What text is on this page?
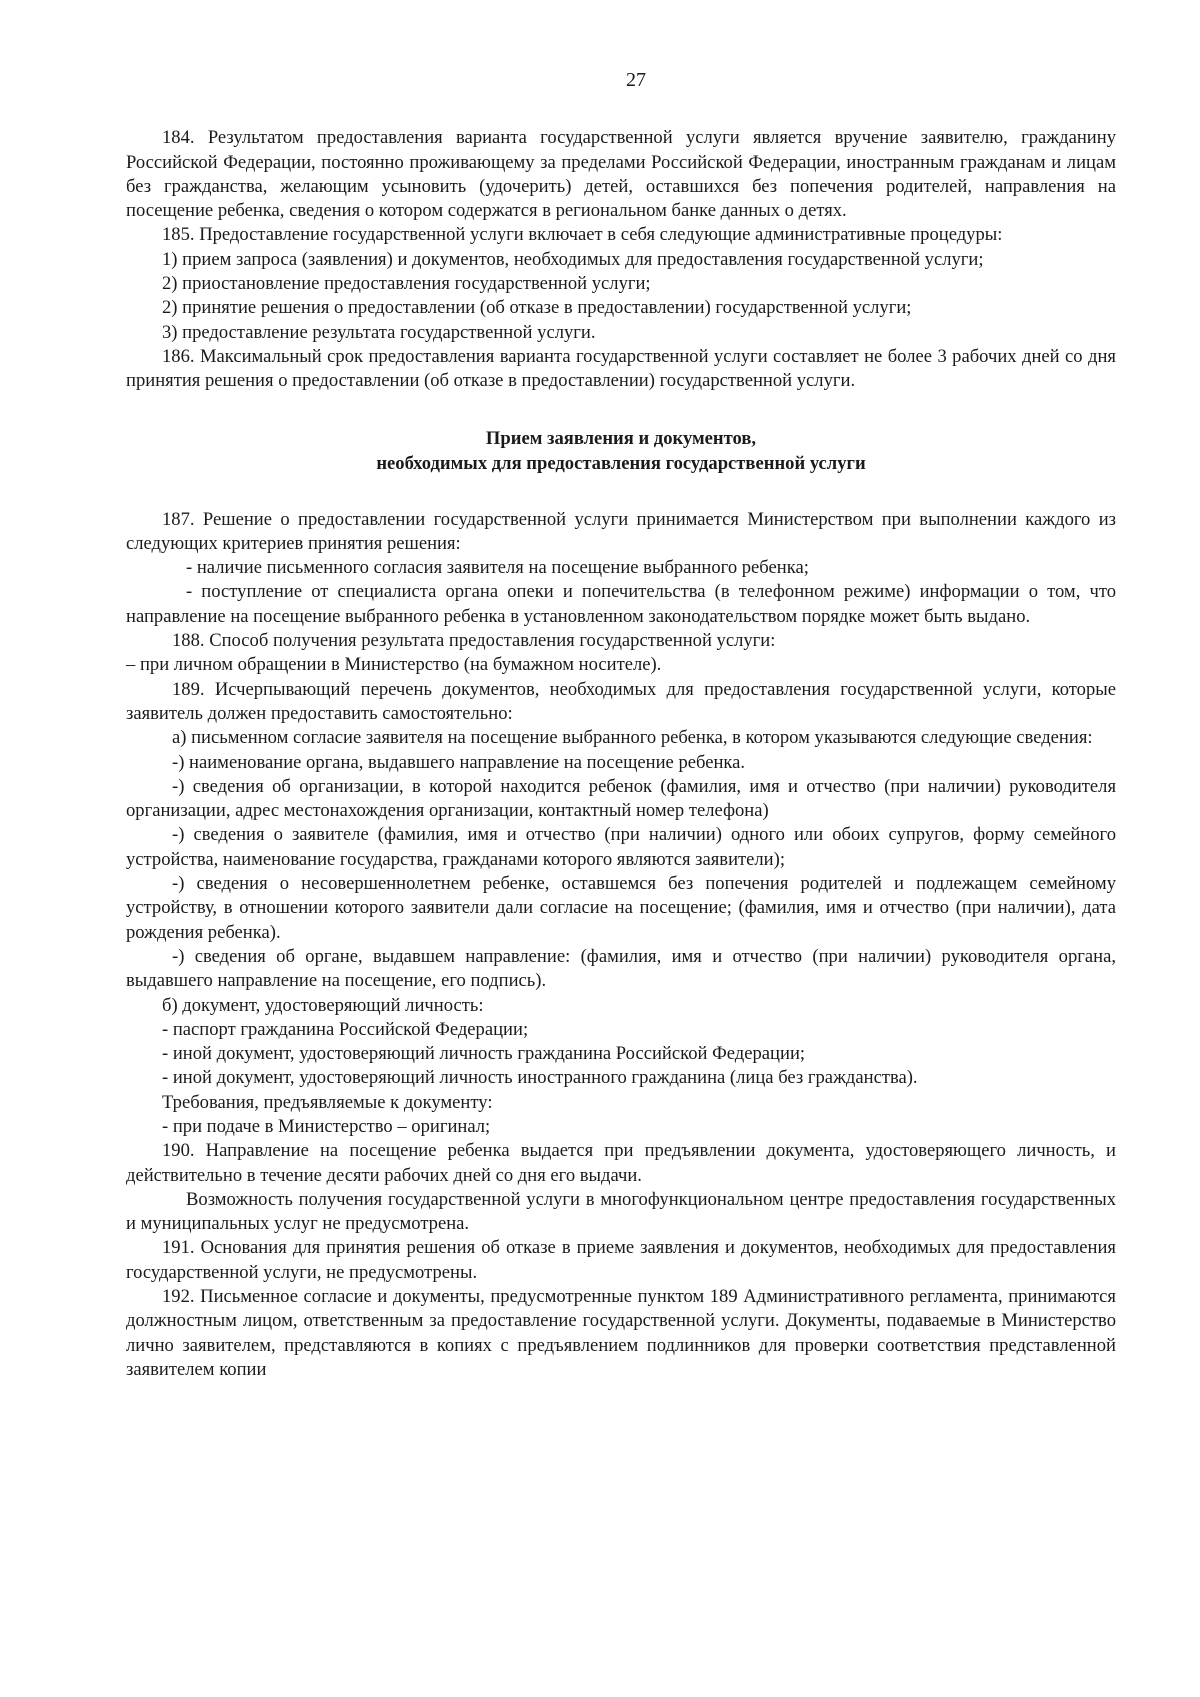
27

184. Результатом предоставления варианта государственной услуги является вручение заявителю, гражданину Российской Федерации, постоянно проживающему за пределами Российской Федерации, иностранным гражданам и лицам без гражданства, желающим усыновить (удочерить) детей, оставшихся без попечения родителей, направления на посещение ребенка, сведения о котором содержатся в региональном банке данных о детях.

185. Предоставление государственной услуги включает в себя следующие административные процедуры:

1) прием запроса (заявления) и документов, необходимых для предоставления государственной услуги;

2) приостановление предоставления государственной услуги;

2) принятие решения о предоставлении (об отказе в предоставлении) государственной услуги;

3) предоставление результата государственной услуги.

186. Максимальный срок предоставления варианта государственной услуги составляет не более 3 рабочих дней со дня принятия решения о предоставлении (об отказе в предоставлении) государственной услуги.

Прием заявления и документов,
необходимых для предоставления государственной услуги

187. Решение о предоставлении государственной услуги принимается Министерством при выполнении каждого из следующих критериев принятия решения:

- наличие письменного согласия заявителя на посещение выбранного ребенка;

- поступление от специалиста органа опеки и попечительства (в телефонном режиме) информации о том, что направление на посещение выбранного ребенка в установленном законодательством порядке может быть выдано.

188. Способ получения результата предоставления государственной услуги:

– при личном обращении в Министерство (на бумажном носителе).

189. Исчерпывающий перечень документов, необходимых для предоставления государственной услуги, которые заявитель должен предоставить самостоятельно:

а) письменном согласие заявителя на посещение выбранного ребенка, в котором указываются следующие сведения:

-) наименование органа, выдавшего направление на посещение ребенка.

-) сведения об организации, в которой находится ребенок (фамилия, имя и отчество (при наличии) руководителя организации, адрес местонахождения организации, контактный номер телефона)

-) сведения о заявителе (фамилия, имя и отчество (при наличии) одного или обоих супругов, форму семейного устройства, наименование государства, гражданами которого являются заявители);

-) сведения о несовершеннолетнем ребенке, оставшемся без попечения родителей и подлежащем семейному устройству, в отношении которого заявители дали согласие на посещение; (фамилия, имя и отчество (при наличии), дата рождения ребенка).

-) сведения об органе, выдавшем направление: (фамилия, имя и отчество (при наличии) руководителя органа, выдавшего направление на посещение, его подпись).

б) документ, удостоверяющий личность:

- паспорт гражданина Российской Федерации;

- иной документ, удостоверяющий личность гражданина Российской Федерации;

- иной документ, удостоверяющий личность иностранного гражданина (лица без гражданства).

Требования, предъявляемые к документу:

- при подаче в Министерство – оригинал;

190. Направление на посещение ребенка выдается при предъявлении документа, удостоверяющего личность, и действительно в течение десяти рабочих дней со дня его выдачи.

Возможность получения государственной услуги в многофункциональном центре предоставления государственных и муниципальных услуг не предусмотрена.

191. Основания для принятия решения об отказе в приеме заявления и документов, необходимых для предоставления государственной услуги, не предусмотрены.

192. Письменное согласие и документы, предусмотренные пунктом 189 Административного регламента, принимаются должностным лицом, ответственным за предоставление государственной услуги. Документы, подаваемые в Министерство лично заявителем, представляются в копиях с предъявлением подлинников для проверки соответствия представленной заявителем копии
